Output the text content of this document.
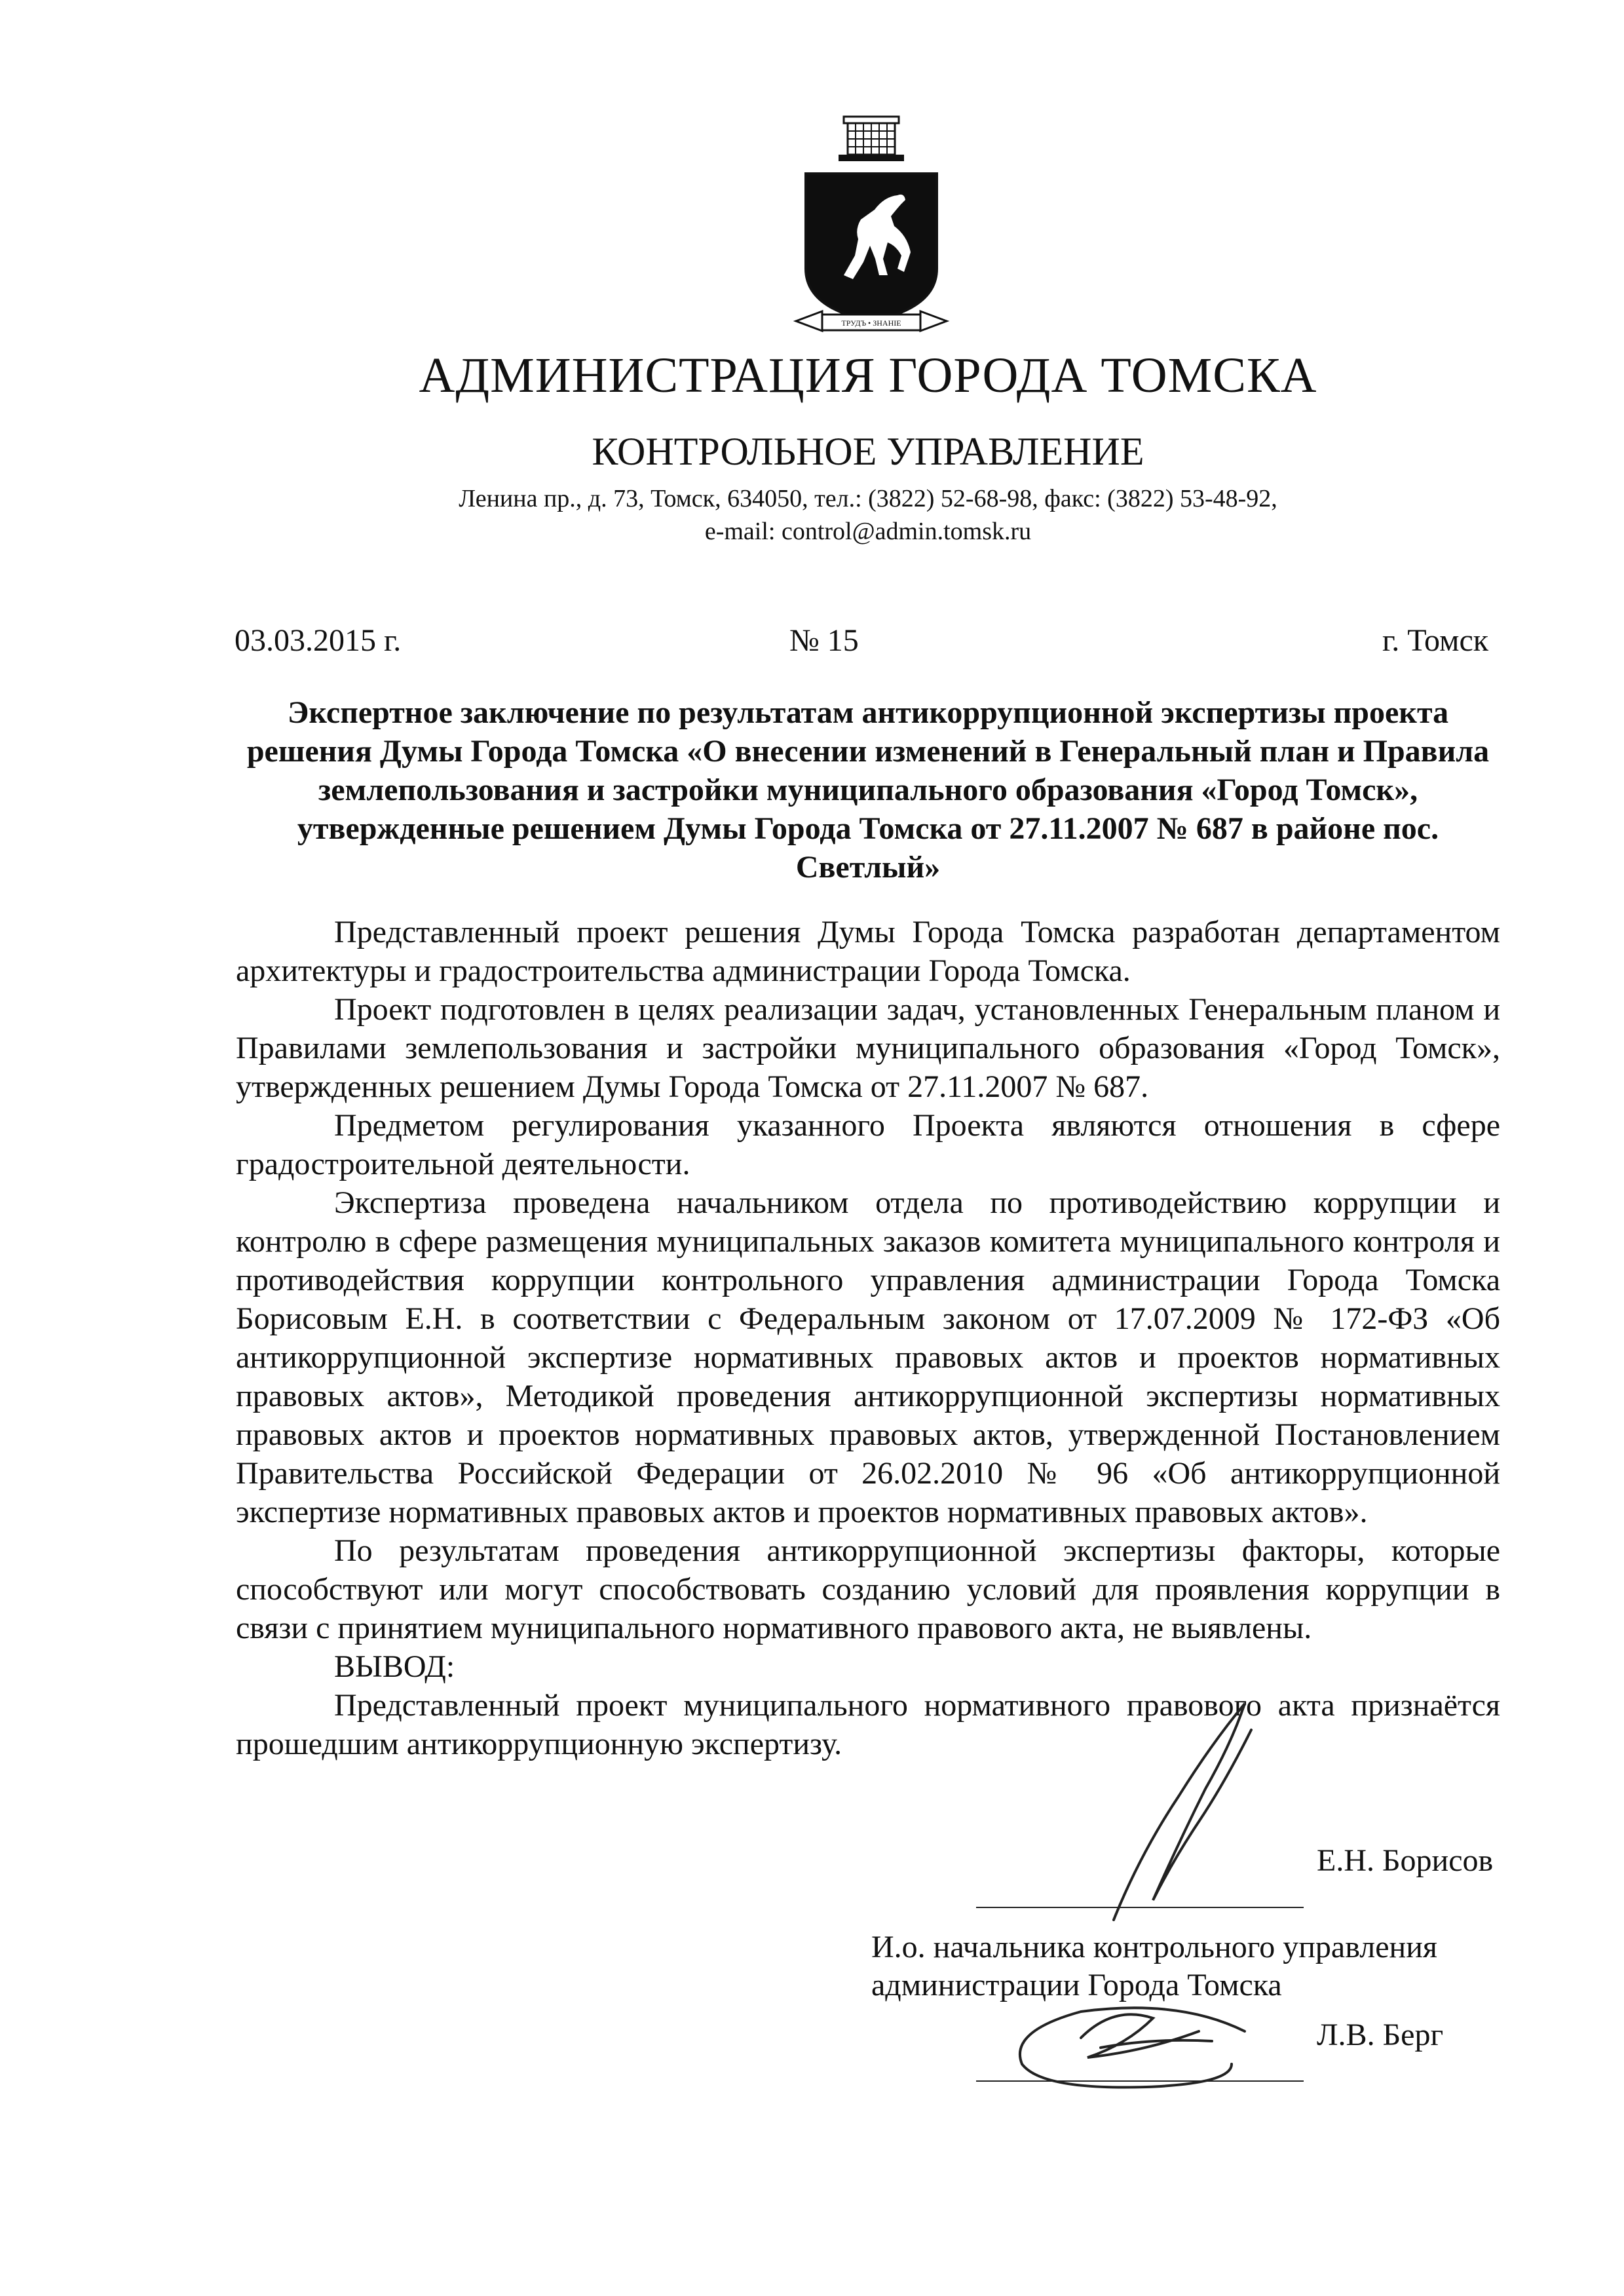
ТРУДЪ • ЗНАНIЕ
АДМИНИСТРАЦИЯ ГОРОДА ТОМСКА
КОНТРОЛЬНОЕ УПРАВЛЕНИЕ
Ленина пр., д. 73, Томск, 634050, тел.: (3822) 52-68-98, факс: (3822) 53-48-92,
e-mail: control@admin.tomsk.ru
03.03.2015 г.	№ 15	г. Томск
Экспертное заключение по результатам антикоррупционной экспертизы проекта решения Думы Города Томска «О внесении изменений в Генеральный план и Правила землепользования и застройки муниципального образования «Город Томск», утвержденные решением Думы Города Томска от 27.11.2007 № 687 в районе пос. Светлый»

Представленный проект решения Думы Города Томска разработан департаментом архитектуры и градостроительства администрации Города Томска.

Проект подготовлен в целях реализации задач, установленных Генеральным планом и Правилами землепользования и застройки муниципального образования «Город Томск», утвержденных решением Думы Города Томска от 27.11.2007 № 687.

Предметом регулирования указанного Проекта являются отношения в сфере градостроительной деятельности.

Экспертиза проведена начальником отдела по противодействию коррупции и контролю в сфере размещения муниципальных заказов комитета муниципального контроля и противодействия коррупции контрольного управления администрации Города Томска Борисовым Е.Н. в соответствии с Федеральным законом от 17.07.2009 № 172-ФЗ «Об антикоррупционной экспертизе нормативных правовых актов и проектов нормативных правовых актов», Методикой проведения антикоррупционной экспертизы нормативных правовых актов и проектов нормативных правовых актов, утвержденной Постановлением Правительства Российской Федерации от 26.02.2010 № 96 «Об антикоррупционной экспертизе нормативных правовых актов и проектов нормативных правовых актов».

По результатам проведения антикоррупционной экспертизы факторы, которые способствуют или могут способствовать созданию условий для проявления коррупции в связи с принятием муниципального нормативного правового акта, не выявлены.

ВЫВОД:

Представленный проект муниципального нормативного правового акта признаётся прошедшим антикоррупционную экспертизу.

Е.Н. Борисов
И.о. начальника контрольного управления
администрации Города Томска
Л.В. Берг
